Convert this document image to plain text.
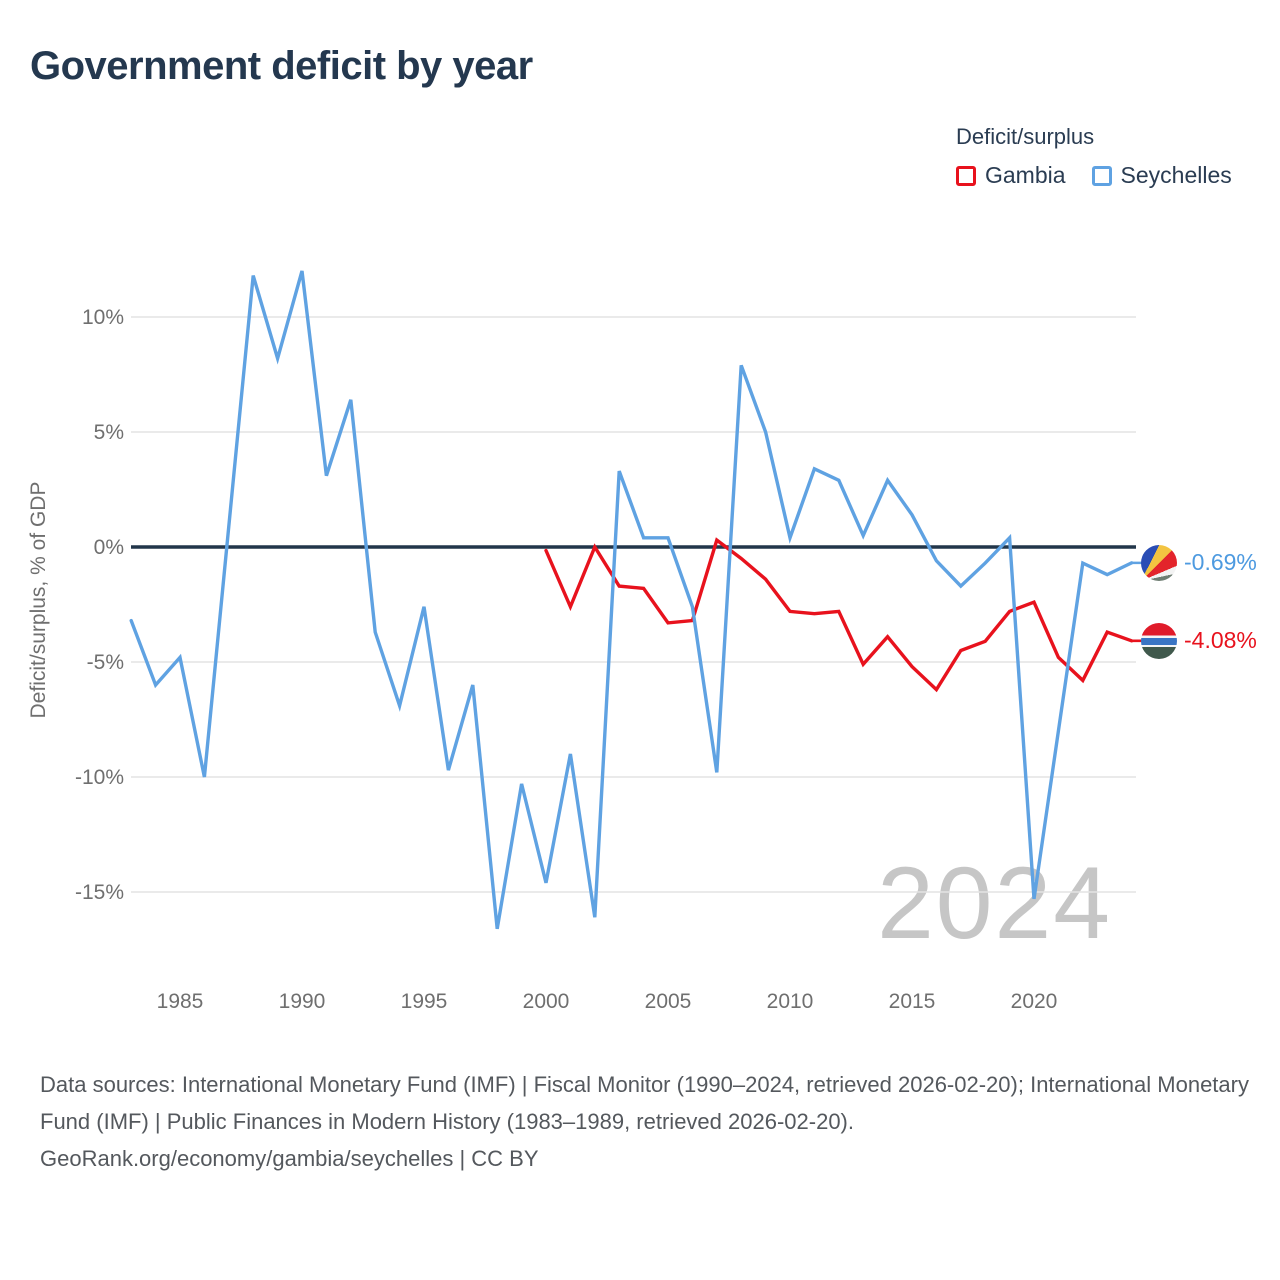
Government deficit by year

Deficit/surplus

Gambia Seychelles
2024
10%
5%
0%
-5%
-10%
-15%
1985	1990	1995	2000	2005	2010	2015	2020
Deficit/surplus, % of GDP	-0.69%
-4.08%

Data sources: International Monetary Fund (IMF) | Fiscal Monitor (1990–2024, retrieved 2026-02-20); International Monetary Fund (IMF) | Public Finances in Modern History (1983–1989, retrieved 2026-02-20).

GeoRank.org/economy/gambia/seychelles | CC BY
